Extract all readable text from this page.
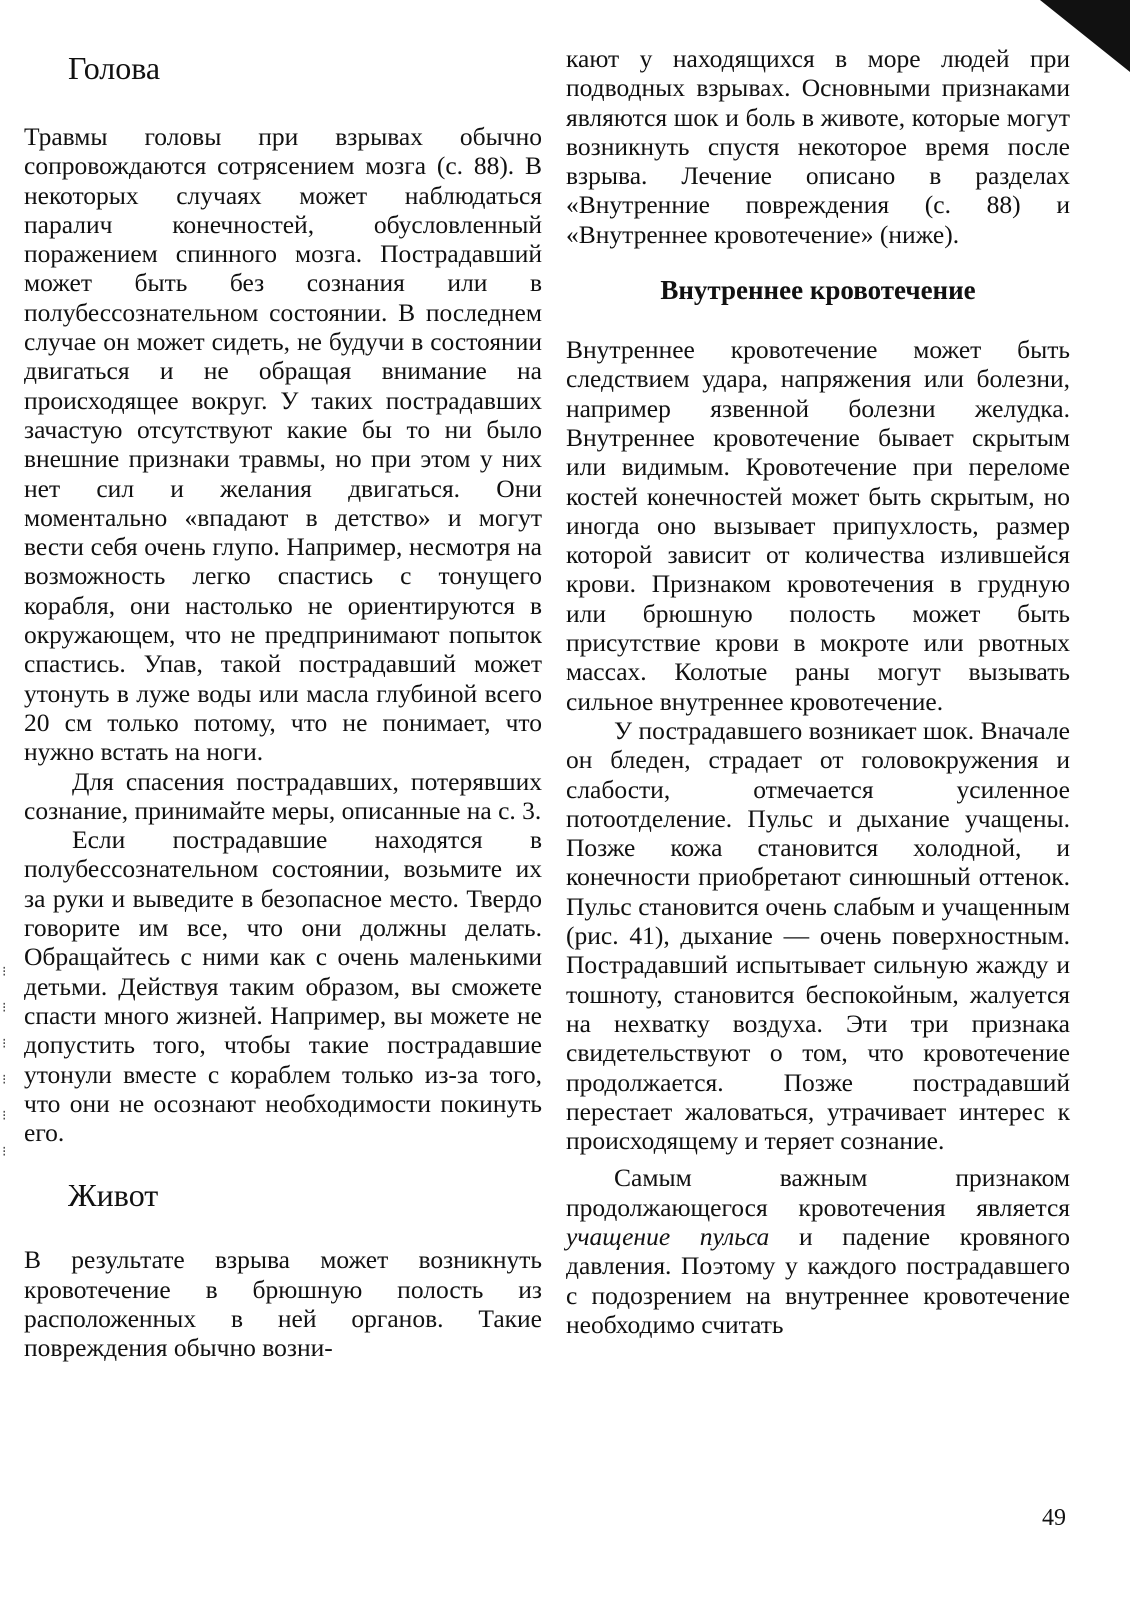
⁝
⁝
⁝
⁝
⁝
⁝
Голова

Травмы головы при взрывах обычно сопровождаются сотрясением мозга (с. 88). В некоторых случаях может наблюдаться паралич конечностей, обусловленный поражением спинного мозга. Пострадавший может быть без сознания или в полубессознательном состоянии. В последнем случае он может сидеть, не будучи в состоянии двигаться и не обращая внимание на происходящее вокруг. У таких пострадавших зачастую отсутствуют какие бы то ни было внешние признаки травмы, но при этом у них нет сил и желания двигаться. Они моментально «впадают в детство» и могут вести себя очень глупо. Например, несмотря на возможность легко спастись с тонущего корабля, они настолько не ориентируются в окружающем, что не предпринимают попыток спастись. Упав, такой пострадавший может утонуть в луже воды или масла глубиной всего 20 см только потому, что не понимает, что нужно встать на ноги.

Для спасения пострадавших, потерявших сознание, принимайте меры, описанные на с. 3.

Если пострадавшие находятся в полубессознательном состоянии, возьмите их за руки и выведите в безопасное место. Твердо говорите им все, что они должны делать. Обращайтесь с ними как с очень маленькими детьми. Действуя таким образом, вы сможете спасти много жизней. Например, вы можете не допустить того, чтобы такие пострадавшие утонули вместе с кораблем только из-за того, что они не осознают необходимости покинуть его.

Живот

В результате взрыва может возникнуть кровотечение в брюшную полость из расположенных в ней органов. Такие повреждения обычно возни-

кают у находящихся в море людей при подводных взрывах. Основными признаками являются шок и боль в животе, которые могут возникнуть спустя некоторое время после взрыва. Лечение описано в разделах «Внутренние повреждения (с. 88) и «Внутреннее кровотечение» (ниже).

Внутреннее кровотечение

Внутреннее кровотечение может быть следствием удара, напряжения или болезни, например язвенной болезни желудка. Внутреннее кровотечение бывает скрытым или видимым. Кровотечение при переломе костей конечностей может быть скрытым, но иногда оно вызывает припухлость, размер которой зависит от количества излившейся крови. Признаком кровотечения в грудную или брюшную полость может быть присутствие крови в мокроте или рвотных массах. Колотые раны могут вызывать сильное внутреннее кровотечение.

У пострадавшего возникает шок. Вначале он бледен, страдает от головокружения и слабости, отмечается усиленное потоотделение. Пульс и дыхание учащены. Позже кожа становится холодной, и конечности приобретают синюшный оттенок. Пульс становится очень слабым и учащенным (рис. 41), дыхание — очень поверхностным. Пострадавший испытывает сильную жажду и тошноту, становится беспокойным, жалуется на нехватку воздуха. Эти три признака свидетельствуют о том, что кровотечение продолжается. Позже пострадавший перестает жаловаться, утрачивает интерес к происходящему и теряет сознание.

Самым важным признаком продолжающегося кровотечения является учащение пульса и падение кровяного давления. Поэтому у каждого пострадавшего с подозрением на внутреннее кровотечение необходимо считать

49
